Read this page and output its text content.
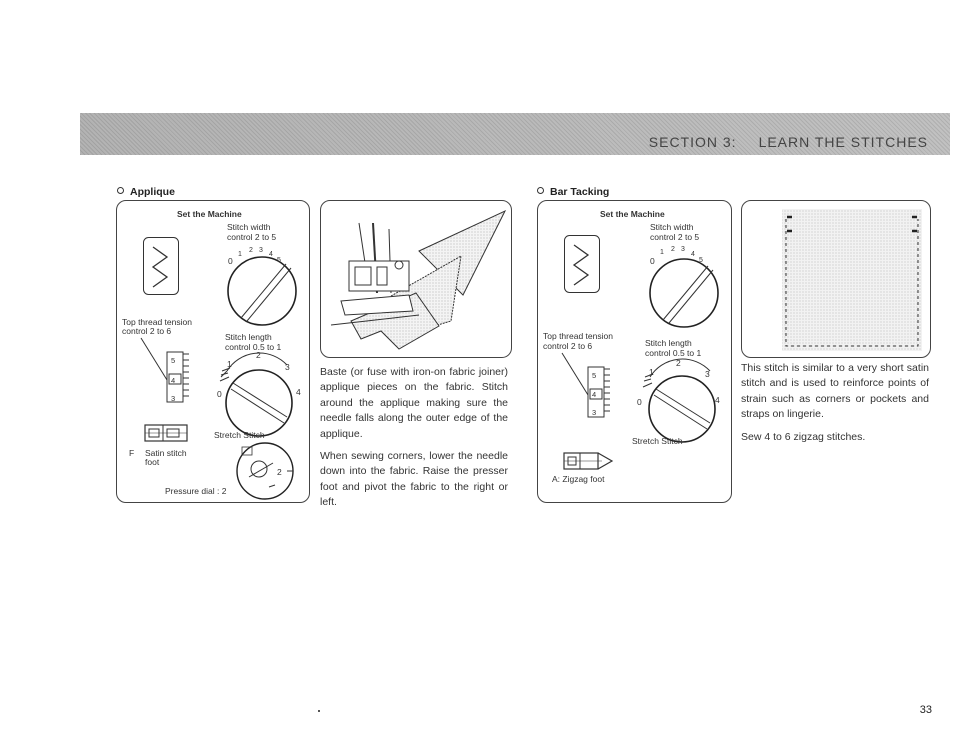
SECTION 3: LEARN THE STITCHES
Applique
Set the Machine
Stitch width
control 2 to 5
0
1
2 3
4
5
Top thread tension
control 2 to 6
Stitch length
control 0.5 to 1
5
4
3	0
1
2
3
4
Stretch Stitch
F Satin stitch
foot
2
Pressure dial : 2

Baste (or fuse with iron-on fabric joiner) applique pieces on the fabric. Stitch around the applique making sure the needle falls along the outer edge of the applique.

When sewing corners, lower the needle down into the fabric. Raise the presser foot and pivot the fabric to the right or left.

Bar Tacking
Set the Machine
Stitch width
control 2 to 5
0
1 2 3
4
5
Top thread tension
control 2 to 6	Stitch length
control 0.5 to 1
5
4
3
0
1
2
3
4
Stretch Stitch
A: Zigzag foot

This stitch is similar to a very short satin stitch and is used to reinforce points of strain such as corners or pockets and straps on lingerie.

Sew 4 to 6 zigzag stitches.

33
